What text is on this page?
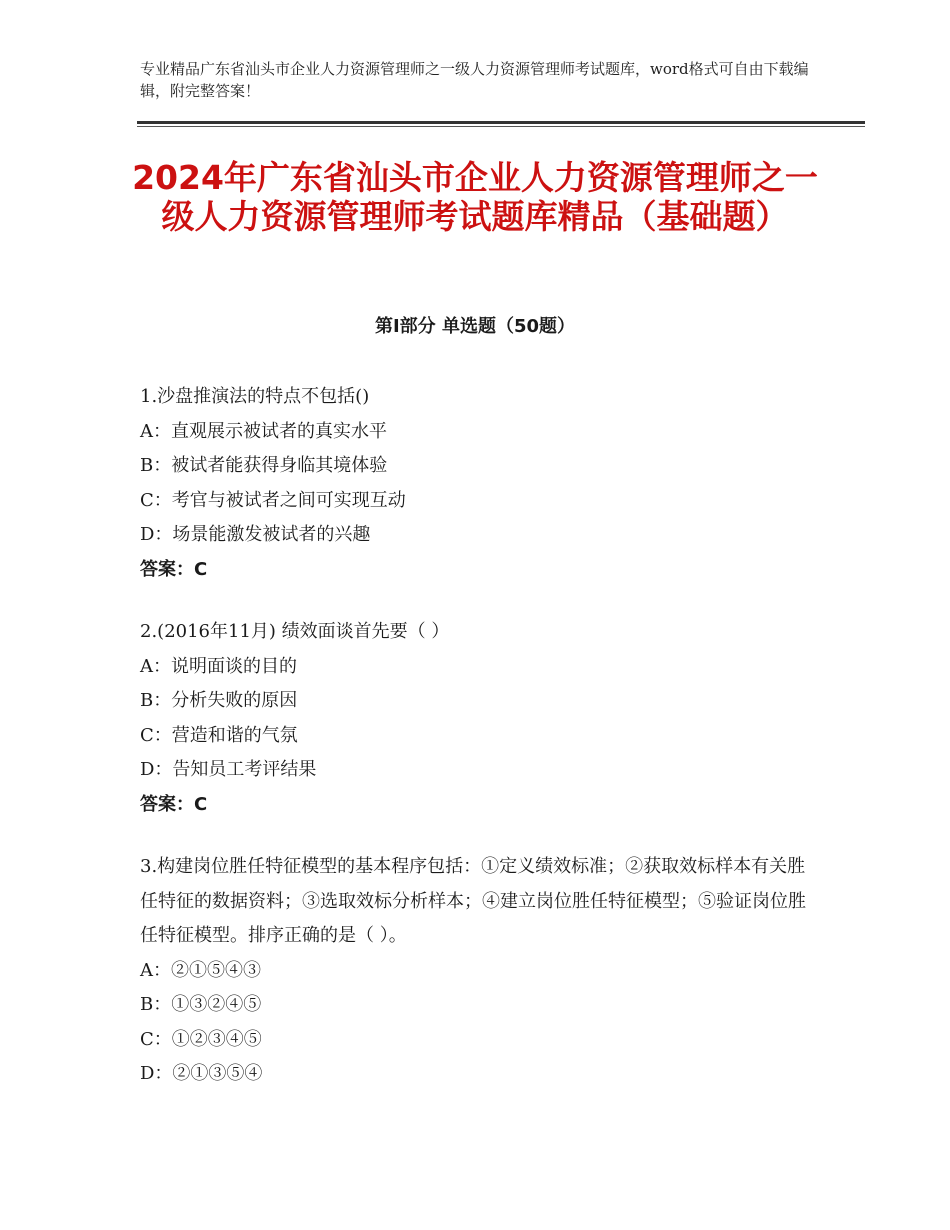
专业精品广东省汕头市企业人力资源管理师之一级人力资源管理师考试题库，word格式可自由下载编辑，附完整答案！
2024年广东省汕头市企业人力资源管理师之一级人力资源管理师考试题库精品（基础题）
第Ⅰ部分 单选题（50题）
1.沙盘推演法的特点不包括()
A：直观展示被试者的真实水平
B：被试者能获得身临其境体验
C：考官与被试者之间可实现互动
D：场景能激发被试者的兴趣
答案：C
2.(2016年11月) 绩效面谈首先要（ ）
A：说明面谈的目的
B：分析失败的原因
C：营造和谐的气氛
D：告知员工考评结果
答案：C
3.构建岗位胜任特征模型的基本程序包括：①定义绩效标准；②获取效标样本有关胜任特征的数据资料；③选取效标分析样本；④建立岗位胜任特征模型；⑤验证岗位胜任特征模型。排序正确的是（ ）。
A：②①⑤④③
B：①③②④⑤
C：①②③④⑤
D：②①③⑤④
